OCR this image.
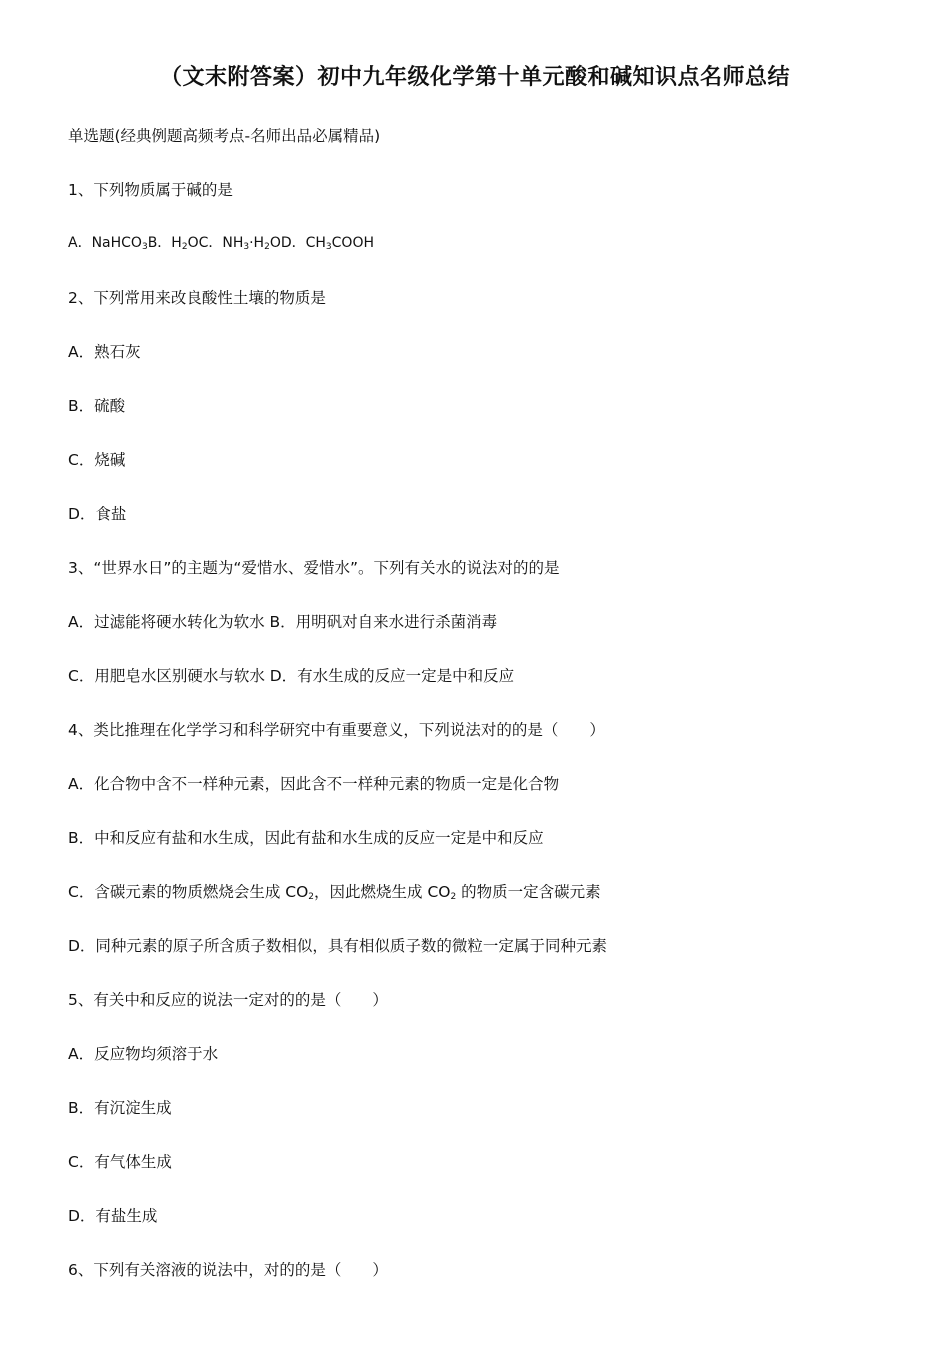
（文末附答案）初中九年级化学第十单元酸和碱知识点名师总结
单选题(经典例题高频考点-名师出品必属精品)
1、下列物质属于碱的是
A．NaHCO$_3$B．$H_2OC$．$NH_3\cdot H_2OD$．$CH_3COOH$
2、下列常用来改良酸性土壤的物质是
A．熟石灰
B．硫酸
C．烧碱
D．食盐
3、“世界水日”的主题为“爱惜水、爱惜水”。下列有关水的说法对的的是
A．过滤能将硬水转化为软水 B．用明矾对自来水进行杀菌消毒
C．用肥皂水区别硬水与软水 D．有水生成的反应一定是中和反应
4、类比推理在化学学习和科学研究中有重要意义，下列说法对的的是（　　）
A．化合物中含不一样种元素，因此含不一样种元素的物质一定是化合物
B．中和反应有盐和水生成，因此有盐和水生成的反应一定是中和反应
C．含碳元素的物质燃烧会生成 $CO_2$，因此燃烧生成 $CO_2$ 的物质一定含碳元素
D．同种元素的原子所含质子数相似，具有相似质子数的微粒一定属于同种元素
5、有关中和反应的说法一定对的的是（　　）
A．反应物均须溶于水
B．有沉淀生成
C．有气体生成
D．有盐生成
6、下列有关溶液的说法中，对的的是（　　）
